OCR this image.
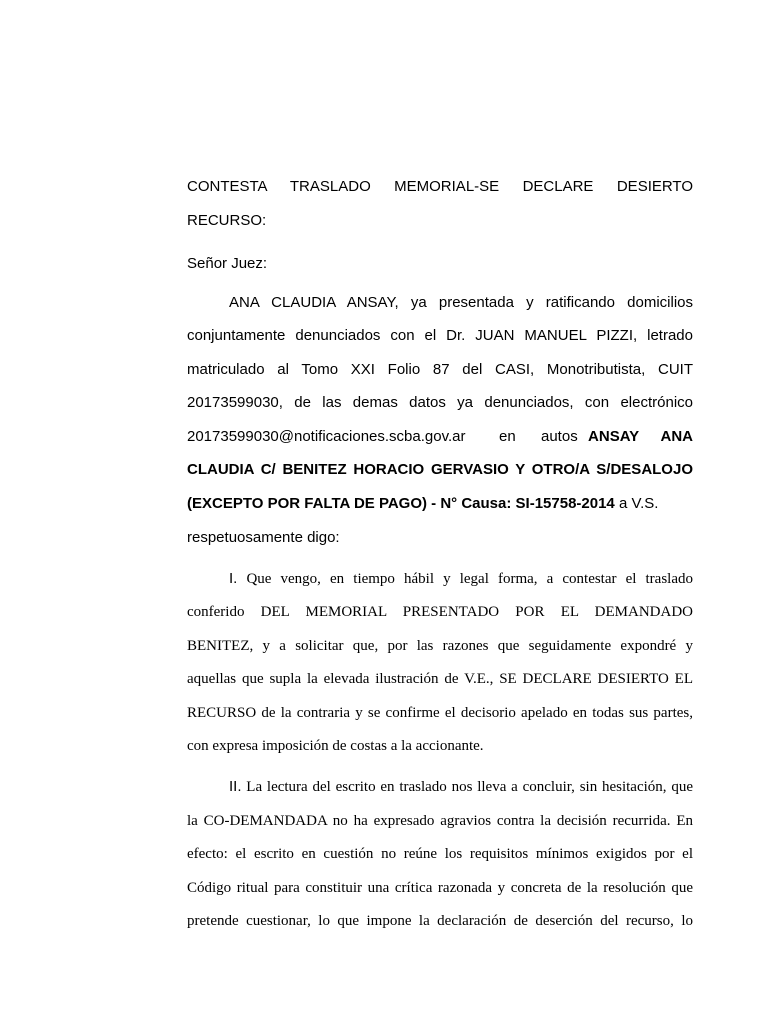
CONTESTA TRASLADO MEMORIAL-SE DECLARE DESIERTO
RECURSO:
Señor Juez:
ANA CLAUDIA ANSAY, ya presentada y ratificando domicilios
conjuntamente denunciados con el Dr. JUAN MANUEL PIZZI, letrado
matriculado al Tomo XXI Folio 87 del CASI, Monotributista, CUIT
20173599030, de las demas datos ya denunciados, con electrónico
20173599030@notificaciones.scba.gov.ar en autos ANSAY ANA
CLAUDIA C/ BENITEZ HORACIO GERVASIO Y OTRO/A S/DESALOJO
(EXCEPTO POR FALTA DE PAGO) - N° Causa: SI-15758-2014 a V.S.
respetuosamente digo:
I. Que vengo, en tiempo hábil y legal forma, a contestar el traslado
conferido DEL MEMORIAL PRESENTADO POR EL DEMANDADO
BENITEZ, y a solicitar que, por las razones que seguidamente expondré y
aquellas que supla la elevada ilustración de V.E., SE DECLARE DESIERTO EL
RECURSO de la contraria y se confirme el decisorio apelado en todas sus partes,
con expresa imposición de costas a la accionante.
II. La lectura del escrito en traslado nos lleva a concluir, sin hesitación, que
la CO-DEMANDADA no ha expresado agravios contra la decisión recurrida. En
efecto: el escrito en cuestión no reúne los requisitos mínimos exigidos por el
Código ritual para constituir una crítica razonada y concreta de la resolución que
pretende cuestionar, lo que impone la declaración de deserción del recurso, lo
